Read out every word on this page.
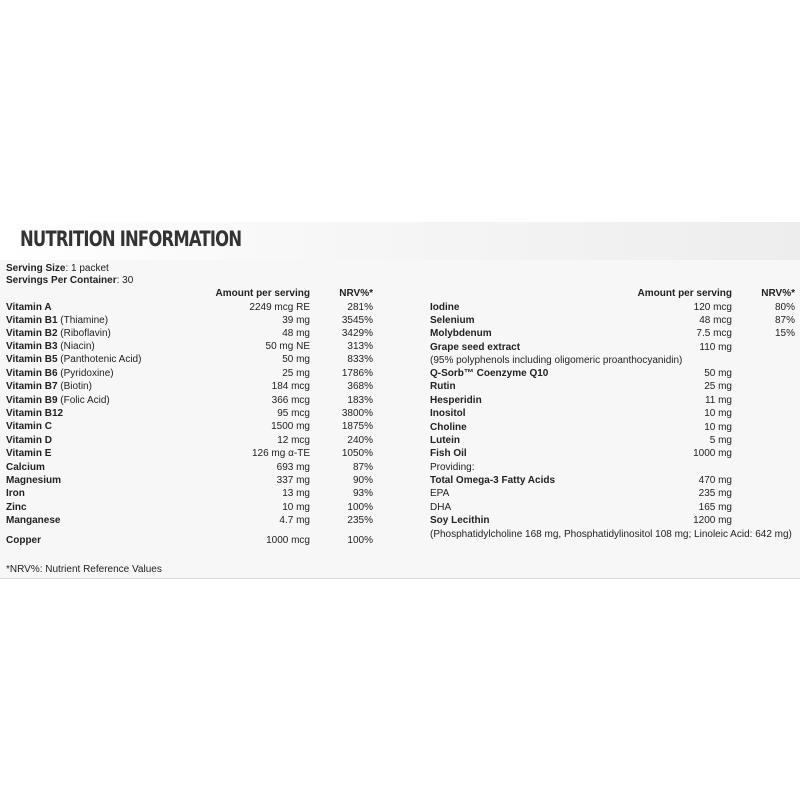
NUTRITION INFORMATION
Serving Size: 1 packet
Servings Per Container: 30
Amount per serving	NRV%*	Amount per serving	NRV%*
Vitamin A	2249 mcg RE	281%
Vitamin B1 (Thiamine)	39 mg	3545%
Vitamin B2 (Riboflavin)	48 mg	3429%
Vitamin B3 (Niacin)	50 mg NE	313%
Vitamin B5 (Panthotenic Acid)	50 mg	833%
Vitamin B6 (Pyridoxine)	25 mg	1786%
Vitamin B7 (Biotin)	184 mcg	368%
Vitamin B9 (Folic Acid)	366 mcg	183%
Vitamin B12	95 mcg	3800%
Vitamin C	1500 mg	1875%
Vitamin D	12 mcg	240%
Vitamin E	126 mg α-TE	1050%
Calcium	693 mg	87%
Magnesium	337 mg	90%
Iron	13 mg	93%
Zinc	10 mg	100%
Manganese	4.7 mg	235%
Copper	1000 mcg	100%
Iodine	120 mcg	80%
Selenium	48 mcg	87%
Molybdenum	7.5 mcg	15%
Grape seed extract	110 mg
(95% polyphenols including oligomeric proanthocyanidin)
Q-Sorb™ Coenzyme Q10	50 mg
Rutin	25 mg
Hesperidin	11 mg
Inositol	10 mg
Choline	10 mg
Lutein	5 mg
Fish Oil	1000 mg
Providing:
Total Omega-3 Fatty Acids	470 mg
EPA	235 mg
DHA	165 mg
Soy Lecithin	1200 mg
(Phosphatidylcholine 168 mg, Phosphatidylinositol 108 mg; Linoleic Acid: 642 mg)
*NRV%: Nutrient Reference Values
